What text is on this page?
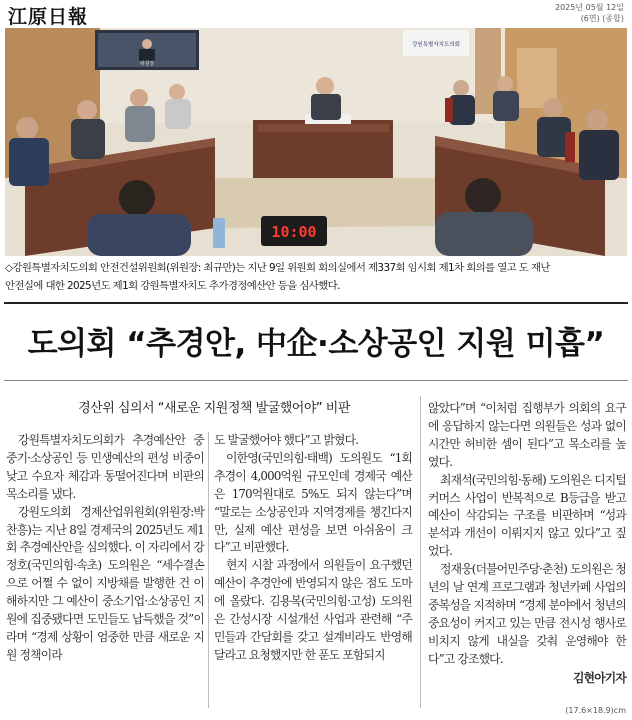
江原日報	2025년 05월 12일
(6면) (종합)
위원장
강원특별자치도의회
10:00
◇강원특별자치도의회 안전건설위원회(위원장: 최규만)는 지난 9일 위원회 회의실에서 제337회 임시회 제1차 회의를 열고 도 재난
안전실에 대한 2025년도 제1회 강원특별자치도 추가경정예산안 등을 심사했다.
도의회 “추경안, 中企·소상공인 지원 미흡”
경산위 심의서 “새로운 지원정책 발굴했어야” 비판

강원특별자치도의회가 추경예산안 중 중기·소상공인 등 민생예산의 편성 비중이 낮고 수요자 체감과 동떨어진다며 비판의 목소리를 냈다.

강원도의회 경제산업위원회(위원장:박찬흥)는 지난 8일 경제국의 2025년도 제1회 추경예산안을 심의했다. 이 자리에서 강정호(국민의힘·속초) 도의원은 “세수결손으로 어쩔 수 없이 지방채를 발행한 건 이해하지만 그 예산이 중소기업·소상공인 지원에 집중됐다면 도민들도 납득했을 것”이라며 “경제 상황이 엄중한 만큼 새로운 지원 정책이라

도 발굴했어야 했다”고 밝혔다.

이한영(국민의힘·태백) 도의원도 “1회 추경이 4,000억원 규모인데 경제국 예산은 170억원대로 5%도 되지 않는다”며 “말로는 소상공인과 지역경제를 챙긴다지만, 실제 예산 편성을 보면 아쉬움이 크다”고 비판했다.

현지 시찰 과정에서 의원들이 요구했던 예산이 추경안에 반영되지 않은 점도 도마에 올랐다. 김용복(국민의힘·고성) 도의원은 간성시장 시설개선 사업과 관련해 “주민들과 간담회를 갖고 설계비라도 반영해 달라고 요청했지만 한 푼도 포함되지

않았다”며 “이처럼 집행부가 의회의 요구에 응답하지 않는다면 의원들은 성과 없이 시간만 허비한 셈이 된다”고 목소리를 높였다.

최재석(국민의힘·동해) 도의원은 디지털커머스 사업이 반복적으로 B등급을 받고 예산이 삭감되는 구조를 비판하며 “성과 분석과 개선이 이뤄지지 않고 있다”고 짚었다.

정재웅(더불어민주당·춘천) 도의원은 청년의 날 연계 프로그램과 청년카페 사업의 중복성을 지적하며 “경제 분야에서 청년의 중요성이 커지고 있는 만큼 전시성 행사로 비치지 않게 내실을 갖춰 운영해야 한다”고 강조했다.

김현아기자

(17.6×18.9)cm
